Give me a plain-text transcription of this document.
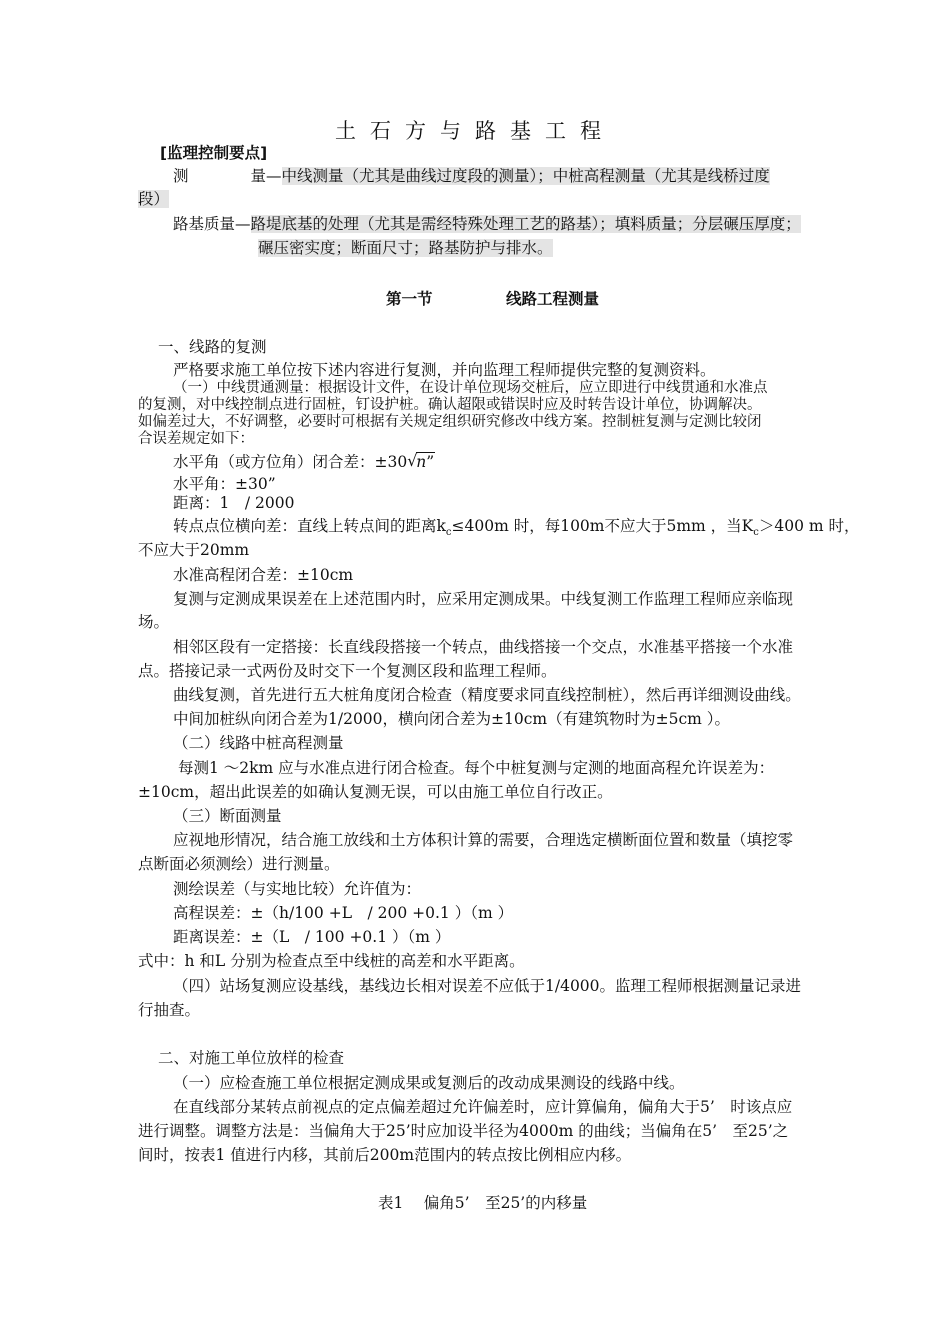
土石方与路基工程
[监理控制要点]
测　　　　量—中线测量（尤其是曲线过度段的测量）；中桩高程测量（尤其是线桥过度
段）
路基质量—路堤底基的处理（尤其是需经特殊处理工艺的路基）；填料质量；分层碾压厚度；
碾压密实度；断面尺寸；路基防护与排水。
第一节	线路工程测量
一、线路的复测
严格要求施工单位按下述内容进行复测，并向监理工程师提供完整的复测资料。
（一）中线贯通测量：根据设计文件，在设计单位现场交桩后，应立即进行中线贯通和水准点
的复测，对中线控制点进行固桩，钉设护桩。确认超限或错误时应及时转告设计单位，协调解决。
如偏差过大，不好调整，必要时可根据有关规定组织研究修改中线方案。控制桩复测与定测比较闭
合误差规定如下：
水平角（或方位角）闭合差：±30 √ n”
水平角：±30”
距离：1　/ 2000
转点点位横向差：直线上转点间的距离$k_c\le 400m$ 时，每100m不应大于5mm ，当$K_c>400$ m 时，
不应大于20mm
水准高程闭合差：±10cm
复测与定测成果误差在上述范围内时，应采用定测成果。中线复测工作监理工程师应亲临现
场。
相邻区段有一定搭接：长直线段搭接一个转点，曲线搭接一个交点，水准基平搭接一个水准
点。搭接记录一式两份及时交下一个复测区段和监理工程师。
曲线复测，首先进行五大桩角度闭合检查（精度要求同直线控制桩），然后再详细测设曲线。
中间加桩纵向闭合差为1/2000，横向闭合差为±10cm（有建筑物时为±5cm ）。
（二）线路中桩高程测量
每测1 ～2km 应与水准点进行闭合检查。每个中桩复测与定测的地面高程允许误差为：
±10cm，超出此误差的如确认复测无误，可以由施工单位自行改正。
（三）断面测量
应视地形情况，结合施工放线和土方体积计算的需要，合理选定横断面位置和数量（填挖零
点断面必须测绘）进行测量。
测绘误差（与实地比较）允许值为：
高程误差：±（h/100 +L　/ 200 +0.1 ）（m ）
距离误差：±（L　/ 100 +0.1 ）（m ）
式中：h 和L 分别为检查点至中线桩的高差和水平距离。
（四）站场复测应设基线，基线边长相对误差不应低于1/4000。监理工程师根据测量记录进
行抽查。
二、对施工单位放样的检查
（一）应检查施工单位根据定测成果或复测后的改动成果测设的线路中线。
在直线部分某转点前视点的定点偏差超过允许偏差时，应计算偏角，偏角大于5’　时该点应
进行调整。调整方法是：当偏角大于25’时应加设半径为4000m 的曲线；当偏角在5’　至25’之
间时，按表1 值进行内移，其前后200m范围内的转点按比例相应内移。
表1　 偏角5’　至25’的内移量
